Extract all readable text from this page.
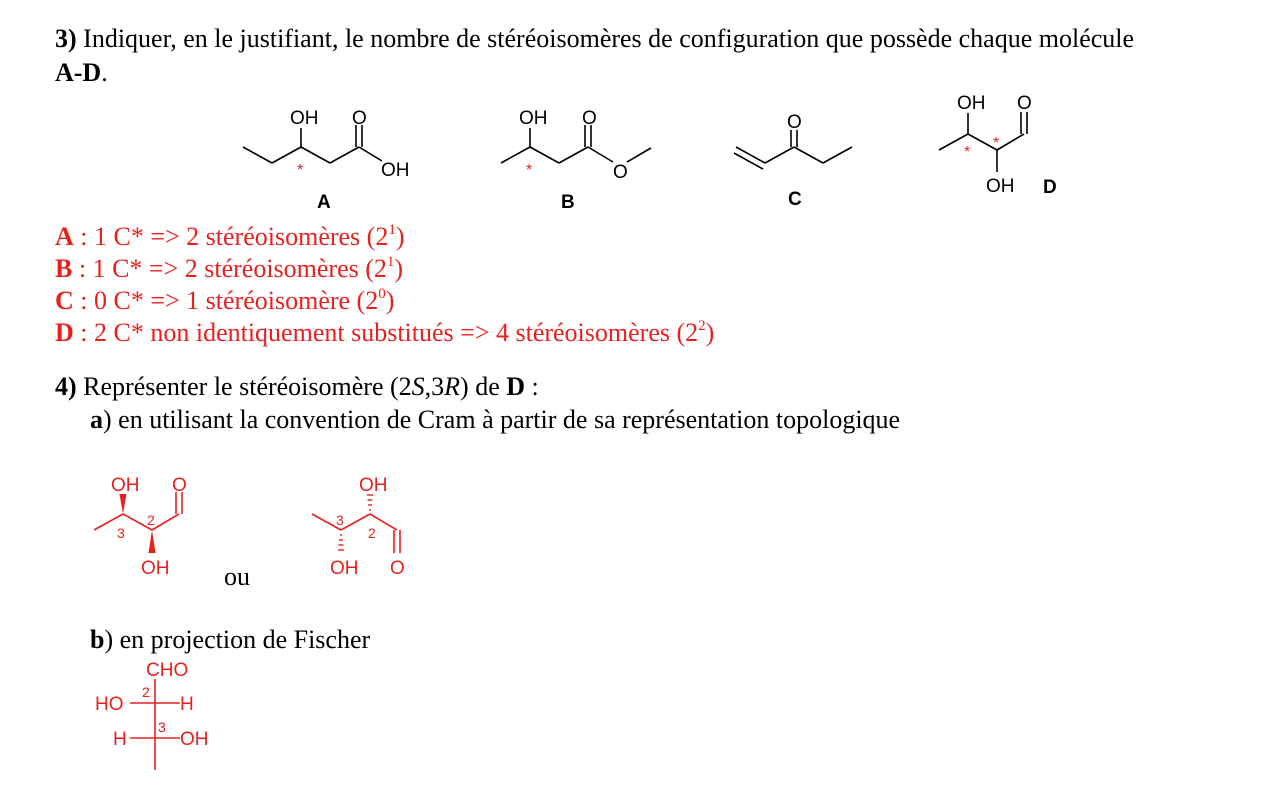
3) Indiquer, en le justifiant, le nombre de stéréoisomères de configuration que possède chaque molécule
A-D.
A : 1 C* => 2 stéréoisomères $(2^1)$
B : 1 C* => 2 stéréoisomères $(2^1)$
C : 0 C* => 1 stéréoisomère $(2^0)$
D : 2 C* non identiquement substitués => 4 stéréoisomères $(2^2)$
4) Représenter le stéréoisomère (2S,3R) de D :
a) en utilisant la convention de Cram à partir de sa représentation topologique
ou
b) en projection de Fischer
OH O
OH
*
A
OH O
O
*
B
O
C
OH O
OH
*
*
D
OH O
OH
2
3
OH
OH O
3
2
CHO
HO	H
H	OH
2
3
